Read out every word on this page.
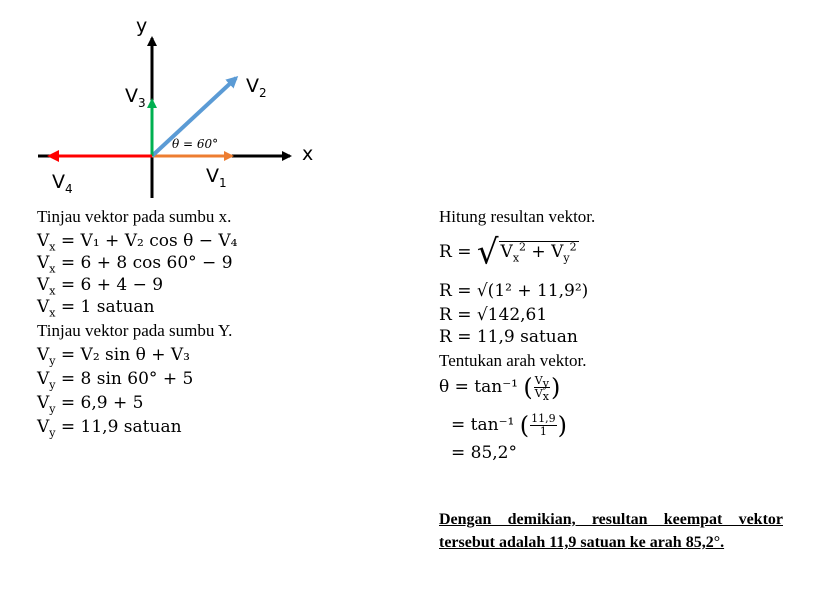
x
y
$V_1$
$V_2$
$V_3$
$V_4$
θ = 60°
Tinjau vektor pada sumbu x.
$V_x = V_1 + V_2$ cos θ − V₄
$V_x = 6 + 8$ cos 60° − 9
$V_x = 6 + 4 - 9$
$V_x = 1$ satuan
Tinjau vektor pada sumbu Y.
$V_y = V_2$ sin θ + V₃
$V_y = 8$ sin 60° + 5
$V_y = 6,9 + 5$
$V_y = 11,9$ satuan
Hitung resultan vektor.
R = √ $V_x^2 + V_y^2$
R = √(1² + 11,9²)
R = √142,61
R = 11,9 satuan
Tentukan arah vektor.
θ = tan⁻¹ ( $\frac{V_y}{V_x}$ )
= tan⁻¹ ( $\frac{11,9}{1}$ )
= 85,2°
Dengan demikian, resultan keempat vektor tersebut adalah 11,9 satuan ke arah 85,2°.
